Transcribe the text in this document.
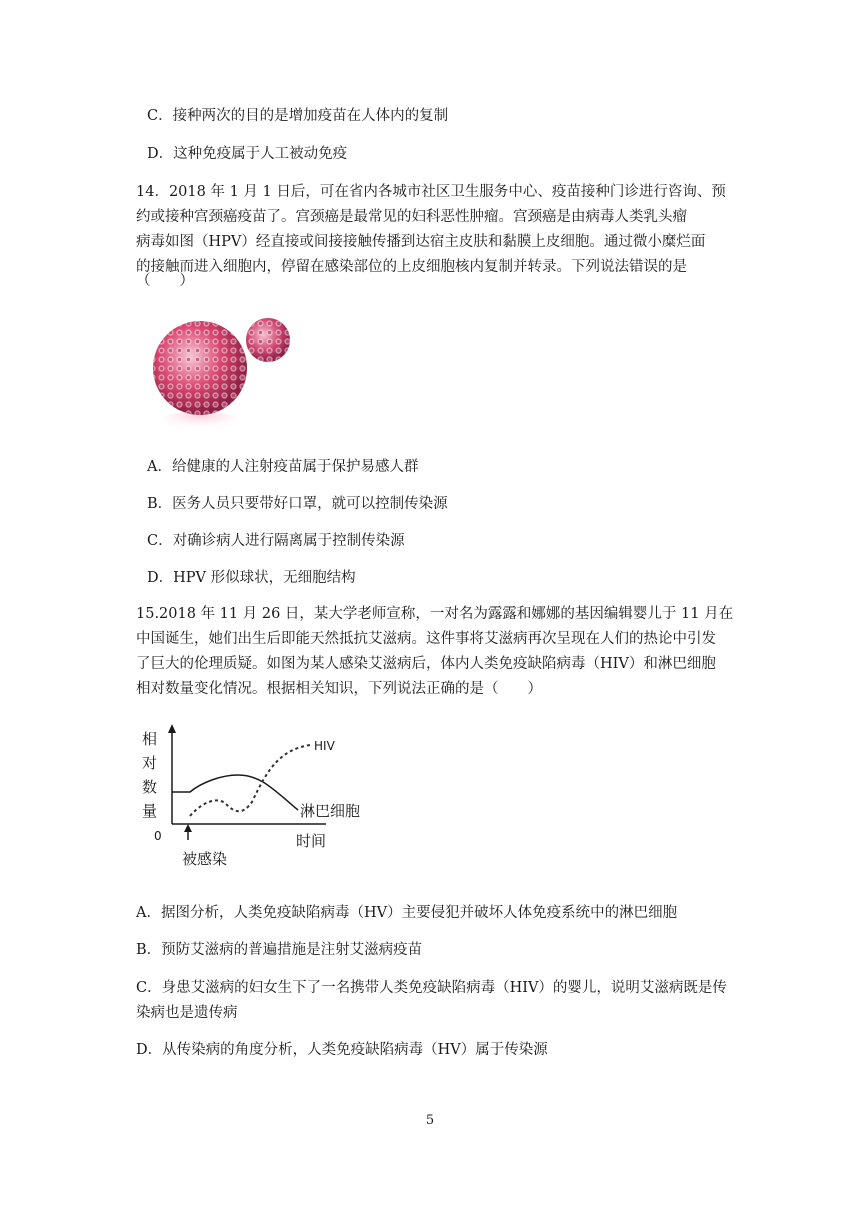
C．接种两次的目的是增加疫苗在人体内的复制
D．这种免疫属于人工被动免疫
14．2018 年 1 月 1 日后，可在省内各城市社区卫生服务中心、疫苗接种门诊进行咨询、预
约或接种宫颈癌疫苗了。宫颈癌是最常见的妇科恶性肿瘤。宫颈癌是由病毒人类乳头瘤
病毒如图（HPV）经直接或间接接触传播到达宿主皮肤和黏膜上皮细胞。通过微小糜烂面
的接触而进入细胞内，停留在感染部位的上皮细胞核内复制并转录。下列说法错误的是
（　　）
A．给健康的人注射疫苗属于保护易感人群
B．医务人员只要带好口罩，就可以控制传染源
C．对确诊病人进行隔离属于控制传染源
D．HPV 形似球状，无细胞结构
15.2018 年 11 月 26 日，某大学老师宣称，一对名为露露和娜娜的基因编辑婴儿于 11 月在
中国诞生，她们出生后即能天然抵抗艾滋病。这件事将艾滋病再次呈现在人们的热论中引发
了巨大的伦理质疑。如图为某人感染艾滋病后，体内人类免疫缺陷病毒（HIV）和淋巴细胞
相对数量变化情况。根据相关知识，下列说法正确的是（　　）
相
对
数
量
0
HIV
淋巴细胞
时间
被感染
A．据图分析，人类免疫缺陷病毒（HV）主要侵犯并破坏人体免疫系统中的淋巴细胞
B．预防艾滋病的普遍措施是注射艾滋病疫苗
C．身患艾滋病的妇女生下了一名携带人类免疫缺陷病毒（HIV）的婴儿，说明艾滋病既是传
染病也是遗传病
D．从传染病的角度分析，人类免疫缺陷病毒（HV）属于传染源
5
